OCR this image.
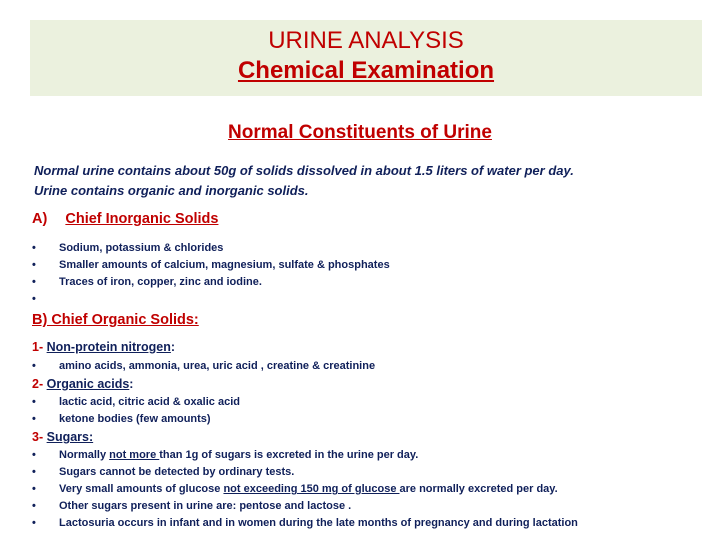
URINE ANALYSIS
Chemical Examination
Normal Constituents of Urine
Normal urine contains about 50g of solids dissolved in about 1.5 liters of water per day.
Urine contains organic and inorganic solids.
A) Chief Inorganic Solids
• Sodium, potassium & chlorides
• Smaller amounts of calcium, magnesium, sulfate & phosphates
• Traces of iron, copper, zinc and iodine.
•
B) Chief Organic Solids:
1- Non-protein nitrogen:
• amino acids, ammonia, urea, uric acid , creatine & creatinine
2- Organic acids:
• lactic acid, citric acid & oxalic acid
• ketone bodies (few amounts)
3- Sugars:
• Normally not more than 1g of sugars is excreted in the urine per day.
• Sugars cannot be detected by ordinary tests.
• Very small amounts of glucose not exceeding 150 mg of glucose are normally excreted per day.
• Other sugars present in urine are: pentose and lactose .
• Lactosuria occurs in infant and in women during the late months of pregnancy and during lactation
